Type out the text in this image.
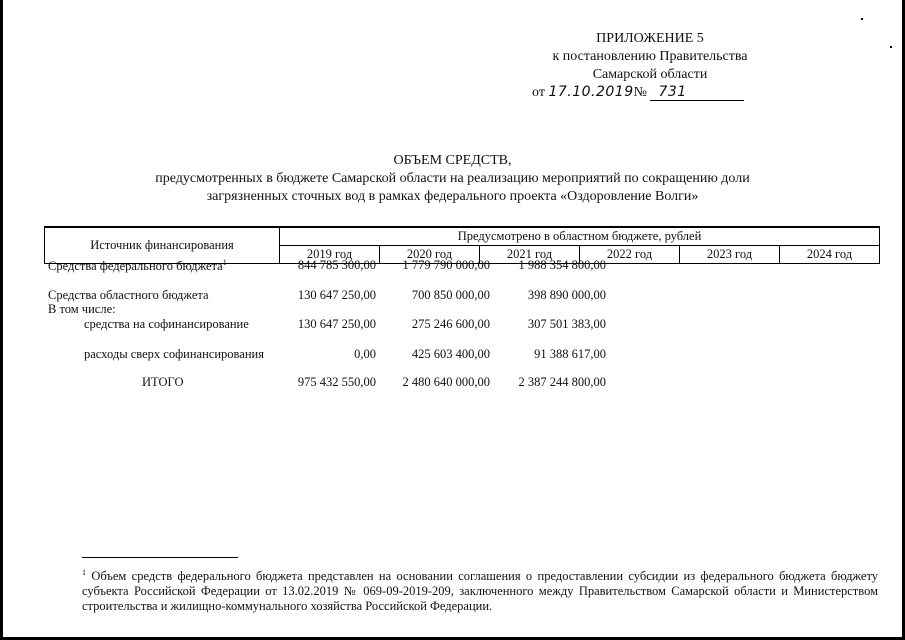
ПРИЛОЖЕНИЕ 5
к постановлению Правительства
Самарской области
от 17.10.2019№ 731
ОБЪЕМ СРЕДСТВ,
предусмотренных в бюджете Самарской области на реализацию мероприятий по сокращению доли
загрязненных сточных вод в рамках федерального проекта «Оздоровление Волги»
Источник финансирования	Предусмотрено в областном бюджете, рублей					
	2019 год	2020 год	2021 год	2022 год	2023 год	2024 год
Средства федерального бюджета$^1$	844 785 300,00	1 779 790 000,00	1 988 354 800,00
Средства областного бюджета	130 647 250,00	700 850 000,00	398 890 000,00
В том числе:
средства на софинансирование	130 647 250,00	275 246 600,00	307 501 383,00
расходы сверх софинансирования	0,00	425 603 400,00	91 388 617,00
ИТОГО	975 432 550,00	2 480 640 000,00	2 387 244 800,00
$^1$ Объем средств федерального бюджета представлен на основании соглашения о предоставлении субсидии из федерального бюджета бюджету субъекта Российской Федерации от 13.02.2019 № 069-09-2019-209, заключенного между Правительством Самарской области и Министерством строительства и жилищно-коммунального хозяйства Российской Федерации.
